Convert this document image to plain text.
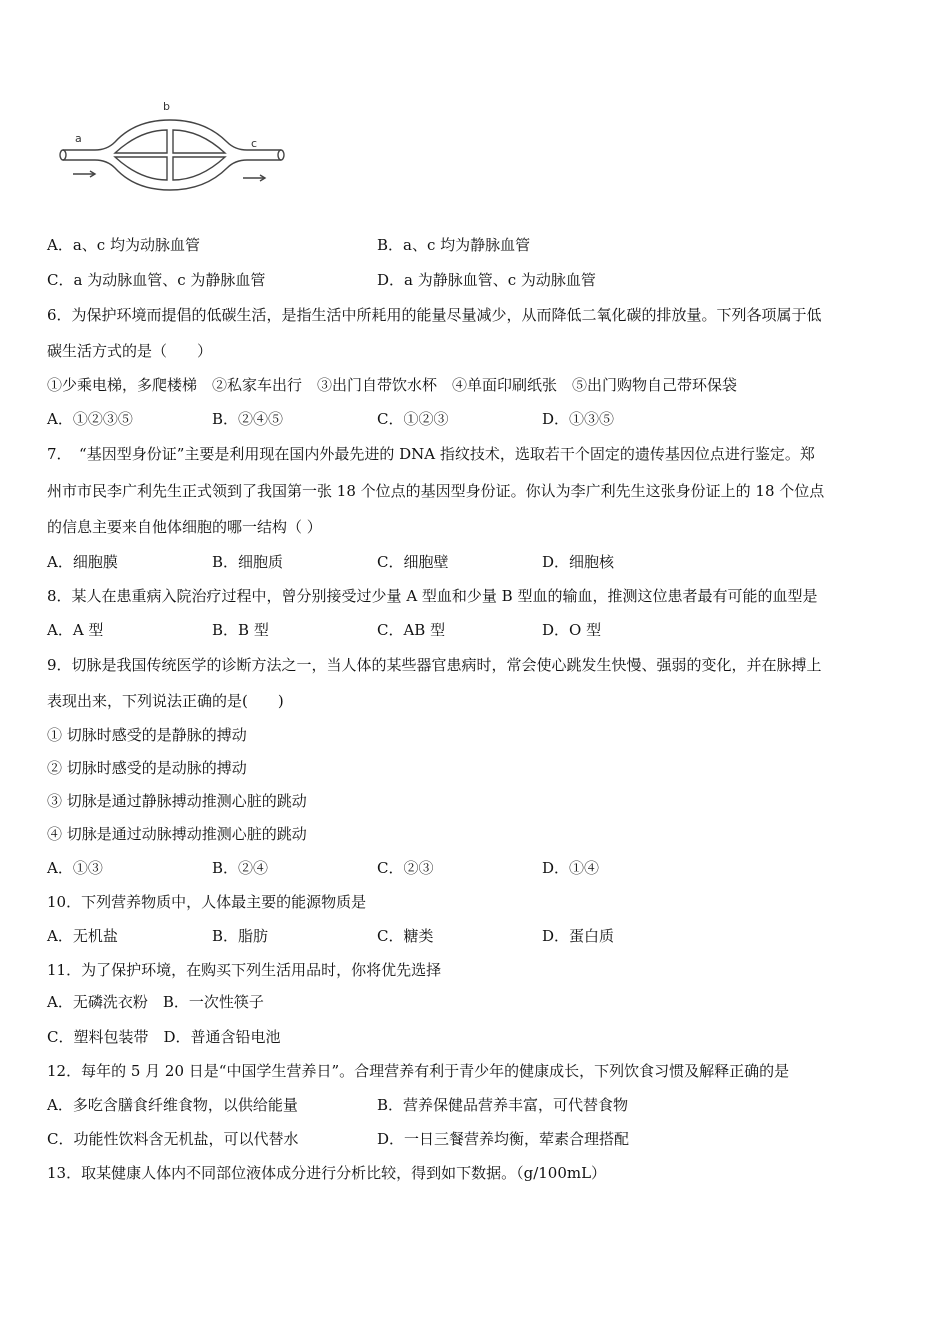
a
b
c
A．a、c 均为动脉血管	B．a、c 均为静脉血管
C．a 为动脉血管、c 为静脉血管	D．a 为静脉血管、c 为动脉血管
6．为保护环境而提倡的低碳生活，是指生活中所耗用的能量尽量减少，从而降低二氧化碳的排放量。下列各项属于低
碳生活方式的是（　　）
①少乘电梯，多爬楼梯　②私家车出行　③出门自带饮水杯　④单面印刷纸张　⑤出门购物自己带环保袋
A．①②③⑤	B．②④⑤	C．①②③	D．①③⑤
7．　“基因型身份证”主要是利用现在国内外最先进的 DNA 指纹技术，选取若干个固定的遗传基因位点进行鉴定。郑
州市市民李广利先生正式领到了我国第一张 18 个位点的基因型身份证。你认为李广利先生这张身份证上的 18 个位点
的信息主要来自他体细胞的哪一结构（ ）
A．细胞膜	B．细胞质	C．细胞壁	D．细胞核
8．某人在患重病入院治疗过程中，曾分别接受过少量 A 型血和少量 B 型血的输血，推测这位患者最有可能的血型是
A．A 型	B．B 型	C．AB 型	D．O 型
9．切脉是我国传统医学的诊断方法之一，当人体的某些器官患病时，常会使心跳发生快慢、强弱的变化，并在脉搏上
表现出来，下列说法正确的是(　　)
① 切脉时感受的是静脉的搏动
② 切脉时感受的是动脉的搏动
③ 切脉是通过静脉搏动推测心脏的跳动
④ 切脉是通过动脉搏动推测心脏的跳动
A．①③	B．②④	C．②③	D．①④
10．下列营养物质中，人体最主要的能源物质是
A．无机盐	B．脂肪	C．糖类	D．蛋白质
11．为了保护环境，在购买下列生活用品时，你将优先选择
A．无磷洗衣粉　B．一次性筷子
C．塑料包装带　D．普通含铅电池
12．每年的 5 月 20 日是“中国学生营养日”。合理营养有利于青少年的健康成长，下列饮食习惯及解释正确的是
A．多吃含膳食纤维食物，以供给能量	B．营养保健品营养丰富，可代替食物
C．功能性饮料含无机盐，可以代替水	D．一日三餐营养均衡，荤素合理搭配
13．取某健康人体内不同部位液体成分进行分析比较，得到如下数据。（g/100mL）
